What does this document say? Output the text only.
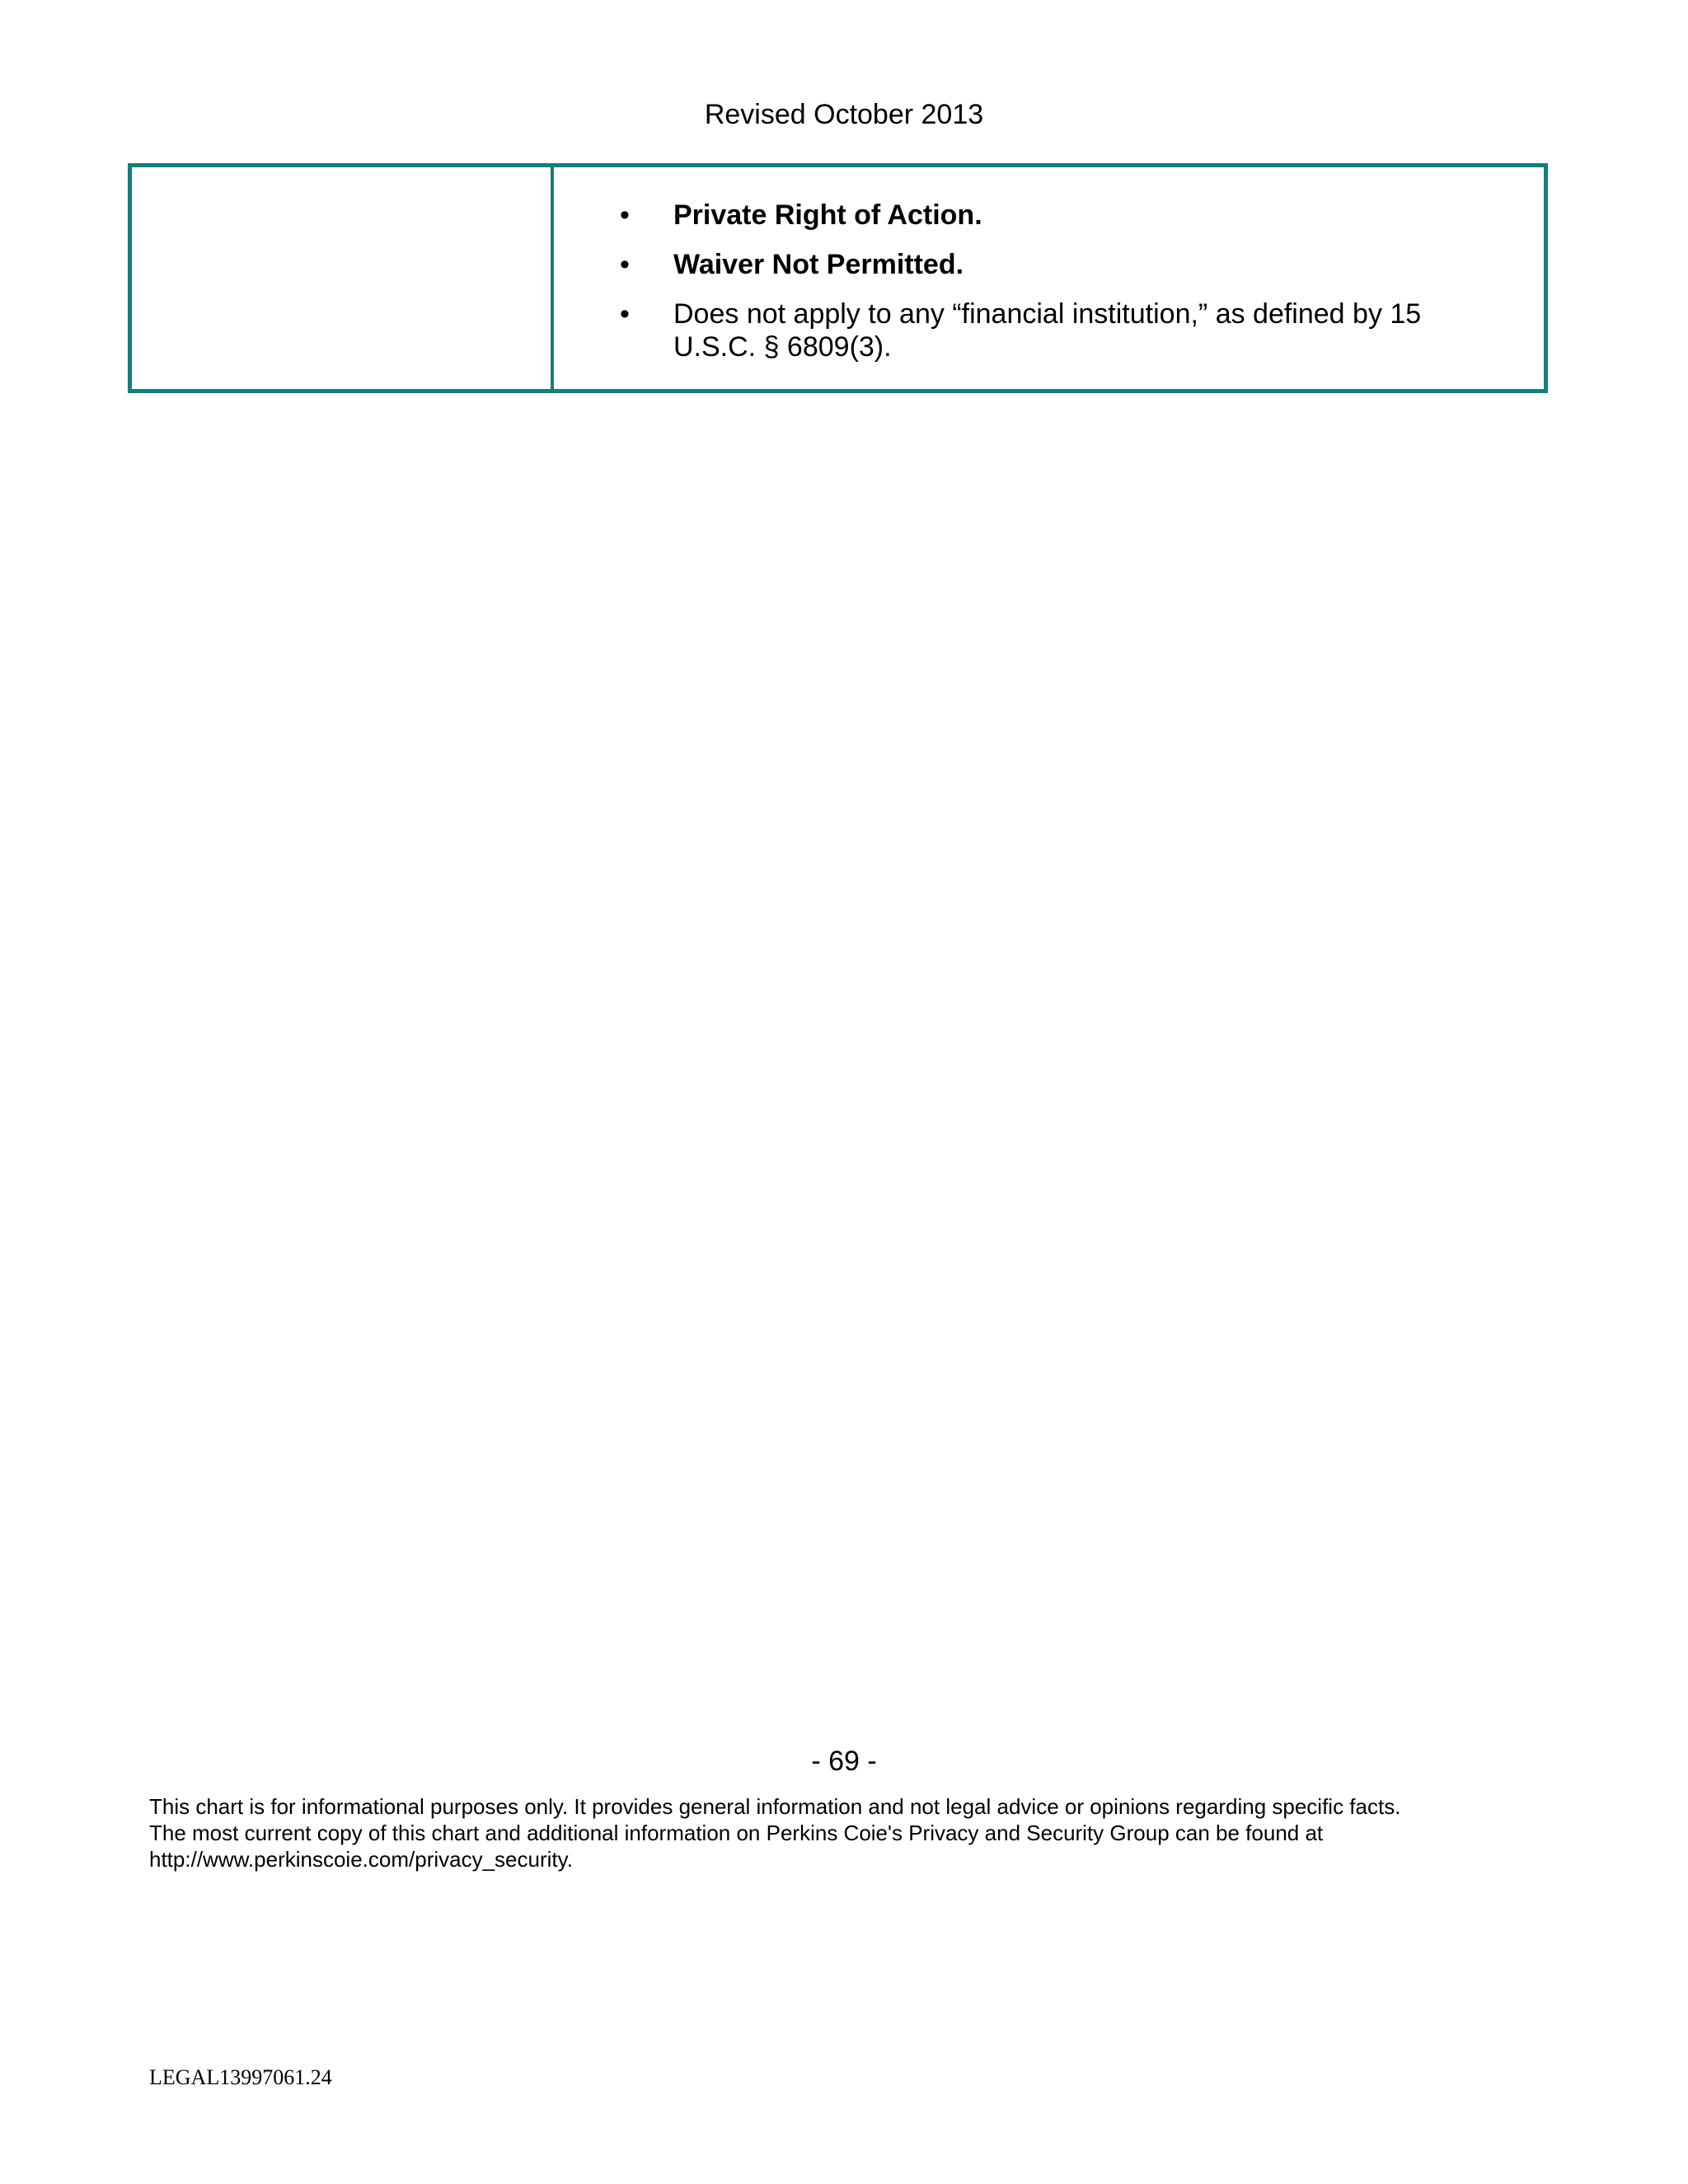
Revised October 2013
• Private Right of Action.
• Waiver Not Permitted.
• Does not apply to any “financial institution,” as defined by 15 U.S.C. § 6809(3).
- 69 -
This chart is for informational purposes only. It provides general information and not legal advice or opinions regarding specific facts.
The most current copy of this chart and additional information on Perkins Coie's Privacy and Security Group can be found at
http://www.perkinscoie.com/privacy_security.
LEGAL13997061.24
